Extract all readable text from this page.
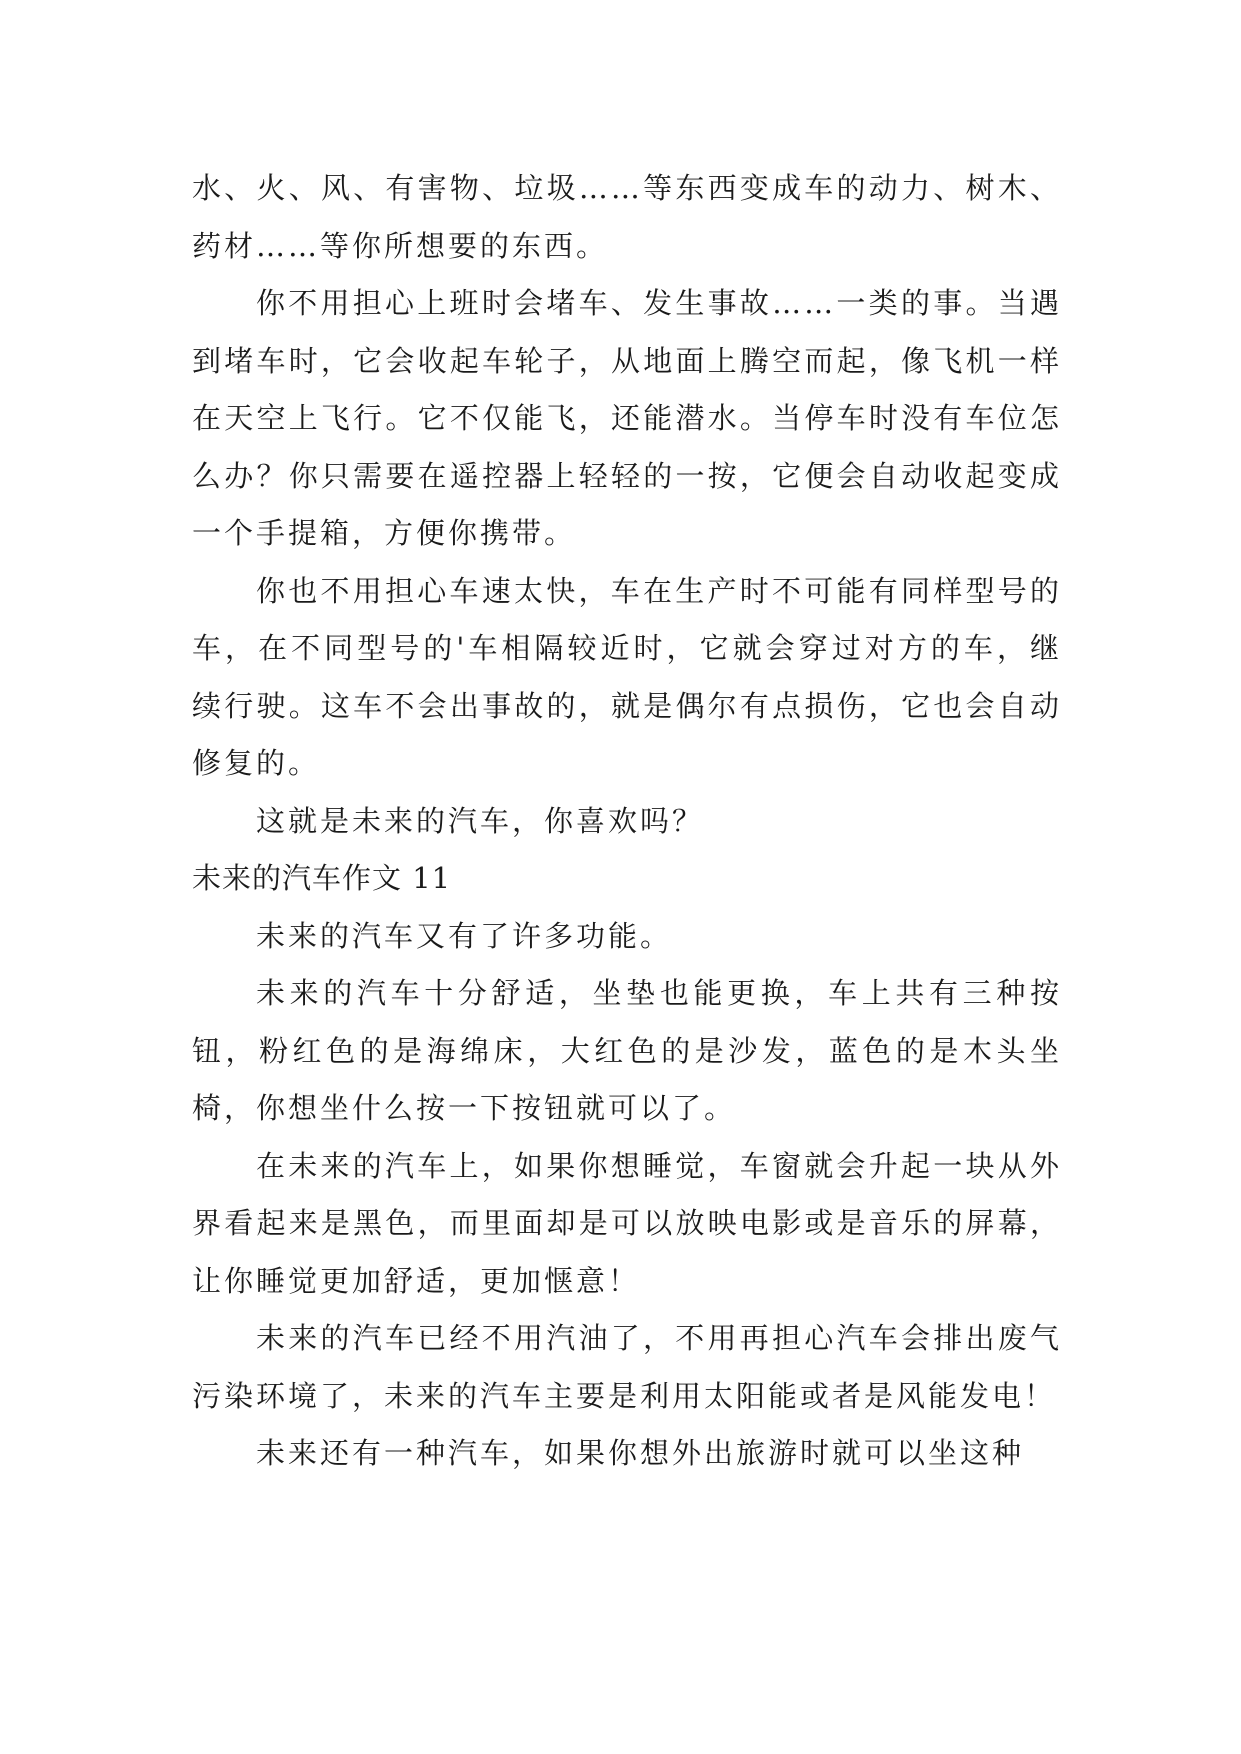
水、火、风、有害物、垃圾……等东西变成车的动力、树木、药材……等你所想要的东西。

你不用担心上班时会堵车、发生事故……一类的事。当遇到堵车时，它会收起车轮子，从地面上腾空而起，像飞机一样在天空上飞行。它不仅能飞，还能潜水。当停车时没有车位怎么办？你只需要在遥控器上轻轻的一按，它便会自动收起变成一个手提箱，方便你携带。

你也不用担心车速太快，车在生产时不可能有同样型号的车，在不同型号的'车相隔较近时，它就会穿过对方的车，继续行驶。这车不会出事故的，就是偶尔有点损伤，它也会自动修复的。

这就是未来的汽车，你喜欢吗？

未来的汽车作文 11

未来的汽车又有了许多功能。

未来的汽车十分舒适，坐垫也能更换，车上共有三种按钮，粉红色的是海绵床，大红色的是沙发，蓝色的是木头坐椅，你想坐什么按一下按钮就可以了。

在未来的汽车上，如果你想睡觉，车窗就会升起一块从外界看起来是黑色，而里面却是可以放映电影或是音乐的屏幕，让你睡觉更加舒适，更加惬意！

未来的汽车已经不用汽油了，不用再担心汽车会排出废气污染环境了，未来的汽车主要是利用太阳能或者是风能发电！

未来还有一种汽车，如果你想外出旅游时就可以坐这种
